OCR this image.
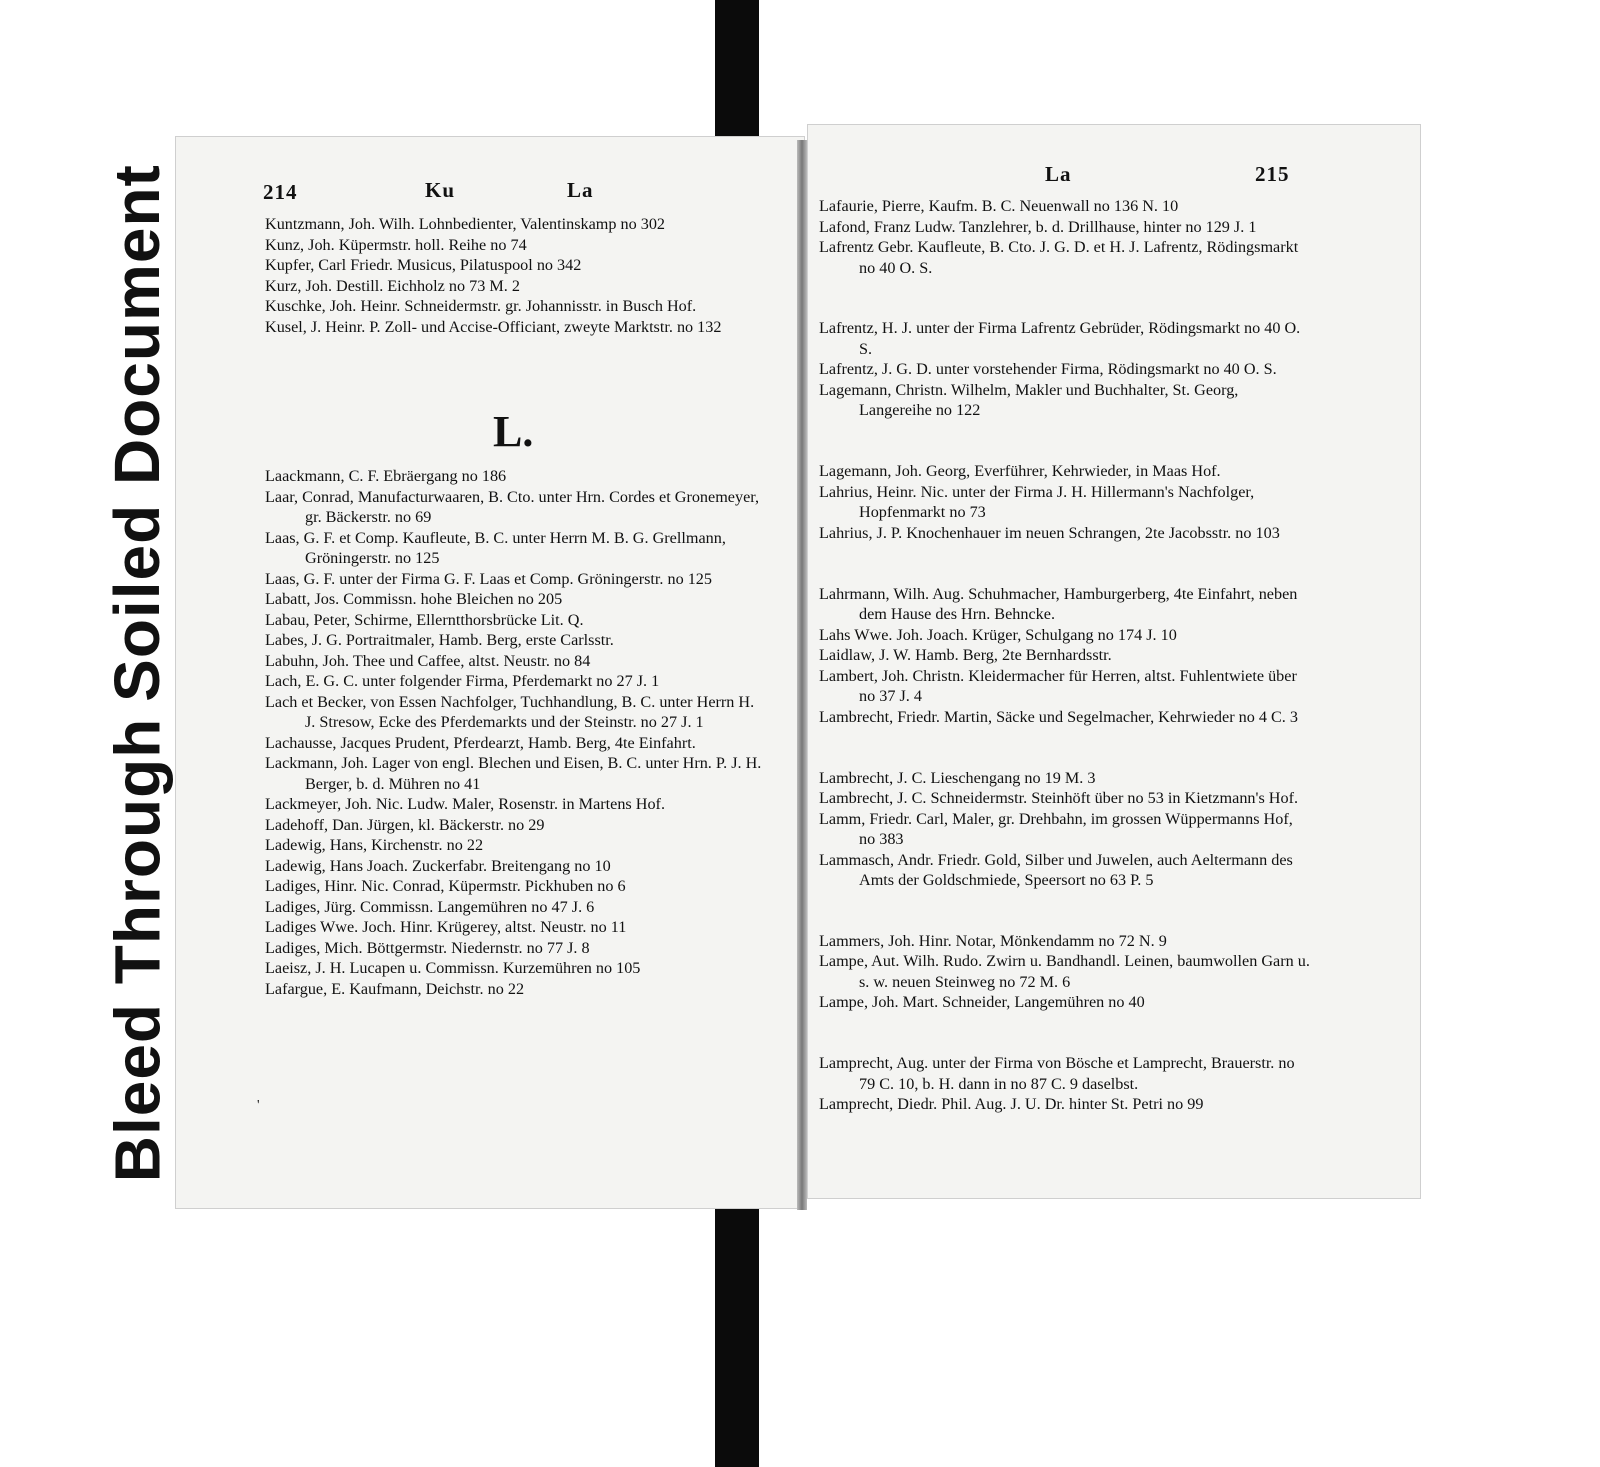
Soiled Document
Bleed Through
214	Ku	La

Kuntzmann, Joh. Wilh. Lohnbedienter, Valentinskamp no 302

Kunz, Joh. Küpermstr. holl. Reihe no 74

Kupfer, Carl Friedr. Musicus, Pilatuspool no 342

Kurz, Joh. Destill. Eichholz no 73 M. 2

Kuschke, Joh. Heinr. Schneidermstr. gr. Johannisstr. in Busch Hof.

Kusel, J. Heinr. P. Zoll- und Accise-Officiant, zweyte Marktstr. no 132

L.

Laackmann, C. F. Ebräergang no 186

Laar, Conrad, Manufacturwaaren, B. Cto. unter Hrn. Cordes et Gronemeyer, gr. Bäckerstr. no 69

Laas, G. F. et Comp. Kaufleute, B. C. unter Herrn M. B. G. Grellmann, Gröningerstr. no 125

Laas, G. F. unter der Firma G. F. Laas et Comp. Gröningerstr. no 125

Labatt, Jos. Commissn. hohe Bleichen no 205

Labau, Peter, Schirme, Ellerntthorsbrücke Lit. Q.

Labes, J. G. Portraitmaler, Hamb. Berg, erste Carlsstr.

Labuhn, Joh. Thee und Caffee, altst. Neustr. no 84

Lach, E. G. C. unter folgender Firma, Pferdemarkt no 27 J. 1

Lach et Becker, von Essen Nachfolger, Tuchhandlung, B. C. unter Herrn H. J. Stresow, Ecke des Pferdemarkts und der Steinstr. no 27 J. 1

Lachausse, Jacques Prudent, Pferdearzt, Hamb. Berg, 4te Einfahrt.

Lackmann, Joh. Lager von engl. Blechen und Eisen, B. C. unter Hrn. P. J. H. Berger, b. d. Mühren no 41

Lackmeyer, Joh. Nic. Ludw. Maler, Rosenstr. in Martens Hof.

Ladehoff, Dan. Jürgen, kl. Bäckerstr. no 29

Ladewig, Hans, Kirchenstr. no 22

Ladewig, Hans Joach. Zuckerfabr. Breitengang no 10

Ladiges, Hinr. Nic. Conrad, Küpermstr. Pickhuben no 6

Ladiges, Jürg. Commissn. Langemühren no 47 J. 6

Ladiges Wwe. Joch. Hinr. Krügerey, altst. Neustr. no 11

Ladiges, Mich. Böttgermstr. Niedernstr. no 77 J. 8

Laeisz, J. H. Lucapen u. Commissn. Kurzemühren no 105

Lafargue, E. Kaufmann, Deichstr. no 22

'
La	215

Lafaurie, Pierre, Kaufm. B. C. Neuenwall no 136 N. 10

Lafond, Franz Ludw. Tanzlehrer, b. d. Drillhause, hinter no 129 J. 1

Lafrentz Gebr. Kaufleute, B. Cto. J. G. D. et H. J. Lafrentz, Rödingsmarkt no 40 O. S.

Lafrentz, H. J. unter der Firma Lafrentz Gebrüder, Rödingsmarkt no 40 O. S.

Lafrentz, J. G. D. unter vorstehender Firma, Rödingsmarkt no 40 O. S.

Lagemann, Christn. Wilhelm, Makler und Buchhalter, St. Georg, Langereihe no 122

Lagemann, Joh. Georg, Everführer, Kehrwieder, in Maas Hof.

Lahrius, Heinr. Nic. unter der Firma J. H. Hillermann's Nachfolger, Hopfenmarkt no 73

Lahrius, J. P. Knochenhauer im neuen Schrangen, 2te Jacobsstr. no 103

Lahrmann, Wilh. Aug. Schuhmacher, Hamburgerberg, 4te Einfahrt, neben dem Hause des Hrn. Behncke.

Lahs Wwe. Joh. Joach. Krüger, Schulgang no 174 J. 10

Laidlaw, J. W. Hamb. Berg, 2te Bernhardsstr.

Lambert, Joh. Christn. Kleidermacher für Herren, altst. Fuhlentwiete über no 37 J. 4

Lambrecht, Friedr. Martin, Säcke und Segelmacher, Kehrwieder no 4 C. 3

Lambrecht, J. C. Lieschengang no 19 M. 3

Lambrecht, J. C. Schneidermstr. Steinhöft über no 53 in Kietzmann's Hof.

Lamm, Friedr. Carl, Maler, gr. Drehbahn, im grossen Wüppermanns Hof, no 383

Lammasch, Andr. Friedr. Gold, Silber und Juwelen, auch Aeltermann des Amts der Goldschmiede, Speersort no 63 P. 5

Lammers, Joh. Hinr. Notar, Mönkendamm no 72 N. 9

Lampe, Aut. Wilh. Rudo. Zwirn u. Bandhandl. Leinen, baumwollen Garn u. s. w. neuen Steinweg no 72 M. 6

Lampe, Joh. Mart. Schneider, Langemühren no 40

Lamprecht, Aug. unter der Firma von Bösche et Lamprecht, Brauerstr. no 79 C. 10, b. H. dann in no 87 C. 9 daselbst.

Lamprecht, Diedr. Phil. Aug. J. U. Dr. hinter St. Petri no 99
